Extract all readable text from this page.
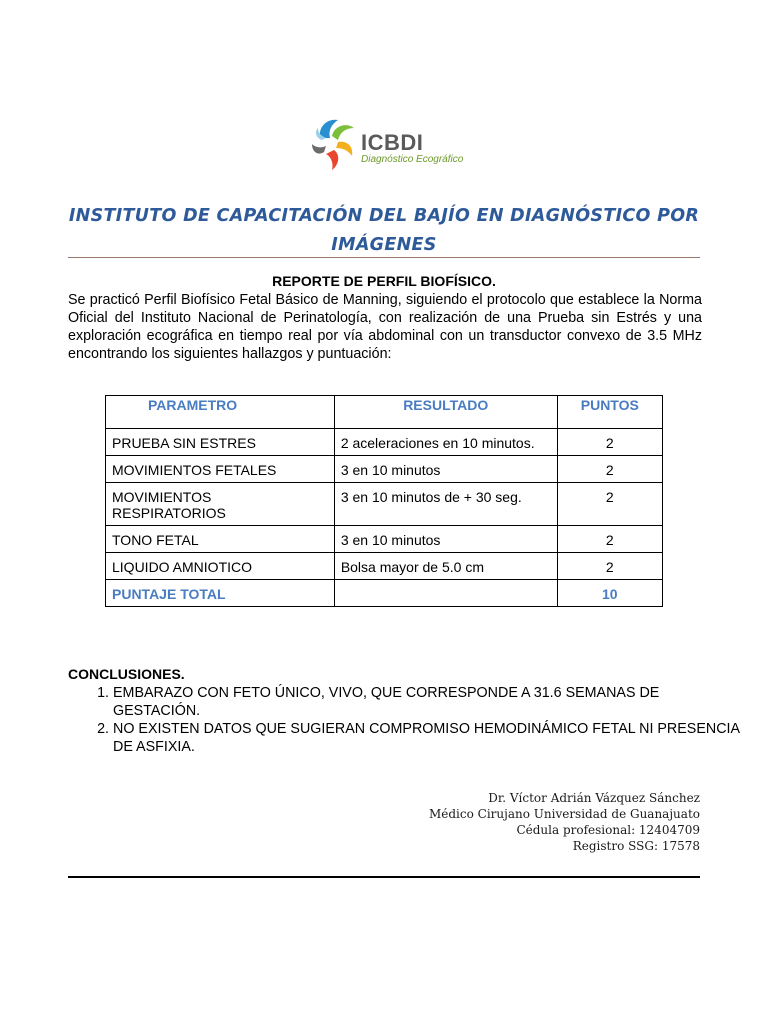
ICBDI
Diagnóstico Ecográfico
INSTITUTO DE CAPACITACIÓN DEL BAJÍO EN DIAGNÓSTICO POR IMÁGENES
REPORTE DE PERFIL BIOFÍSICO.
Se practicó Perfil Biofísico Fetal Básico de Manning, siguiendo el protocolo que establece la Norma Oficial del Instituto Nacional de Perinatología, con realización de una Prueba sin Estrés y una exploración ecográfica en tiempo real por vía abdominal con un transductor convexo de 3.5 MHz encontrando los siguientes hallazgos y puntuación:
PARAMETRO	RESULTADO	PUNTOS
PRUEBA SIN ESTRES	2 aceleraciones en 10 minutos.	2
MOVIMIENTOS FETALES	3 en 10 minutos	2
MOVIMIENTOS RESPIRATORIOS	3 en 10 minutos de + 30 seg.	2
TONO FETAL	3 en 10 minutos	2
LIQUIDO AMNIOTICO	Bolsa mayor de 5.0 cm	2
PUNTAJE TOTAL		10
CONCLUSIONES.
1. EMBARAZO CON FETO ÚNICO, VIVO, QUE CORRESPONDE A 31.6 SEMANAS DE GESTACIÓN.
2. NO EXISTEN DATOS QUE SUGIERAN COMPROMISO HEMODINÁMICO FETAL NI PRESENCIA DE ASFIXIA.
Dr. Víctor Adrián Vázquez Sánchez
Médico Cirujano Universidad de Guanajuato
Cédula profesional: 12404709
Registro SSG: 17578
